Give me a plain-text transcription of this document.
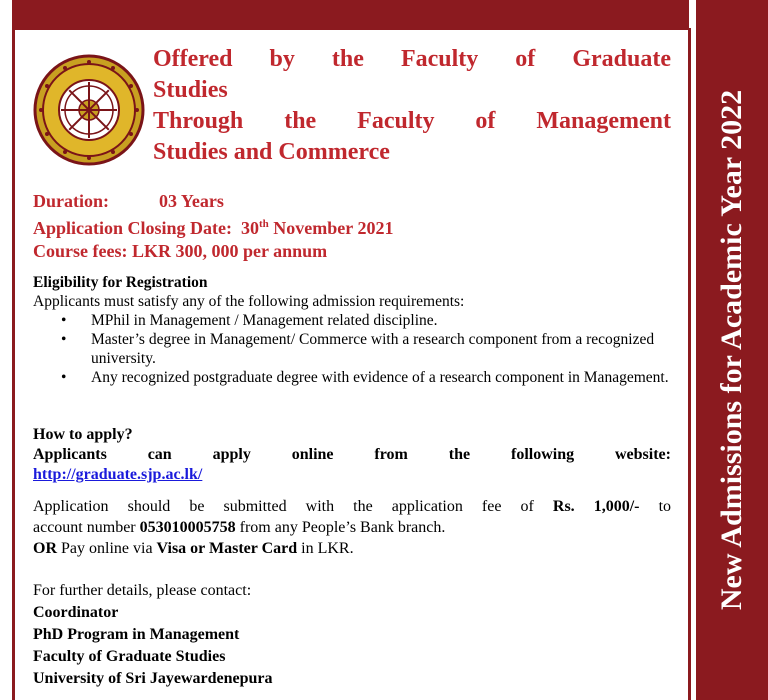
New Admissions for Academic Year 2022
Offered by the Faculty of Graduate
Studies
Through the Faculty of Management
Studies and Commerce
Duration:	03 Years
Application Closing Date: 30th November 2021
Course fees: LKR 300, 000 per annum
Eligibility for Registration
Applicants must satisfy any of the following admission requirements:
• MPhil in Management / Management related discipline.
• Master’s degree in Management/ Commerce with a research component from a recognized university.
• Any recognized postgraduate degree with evidence of a research component in Management.
How to apply?
Applicants	can	apply	online	from	the	following	website:
http://graduate.sjp.ac.lk/
Application should be submitted with the application fee of Rs. 1,000/- to
account number 053010005758 from any People’s Bank branch.
OR Pay online via Visa or Master Card in LKR.
For further details, please contact:
Coordinator
PhD Program in Management
Faculty of Graduate Studies
University of Sri Jayewardenepura
